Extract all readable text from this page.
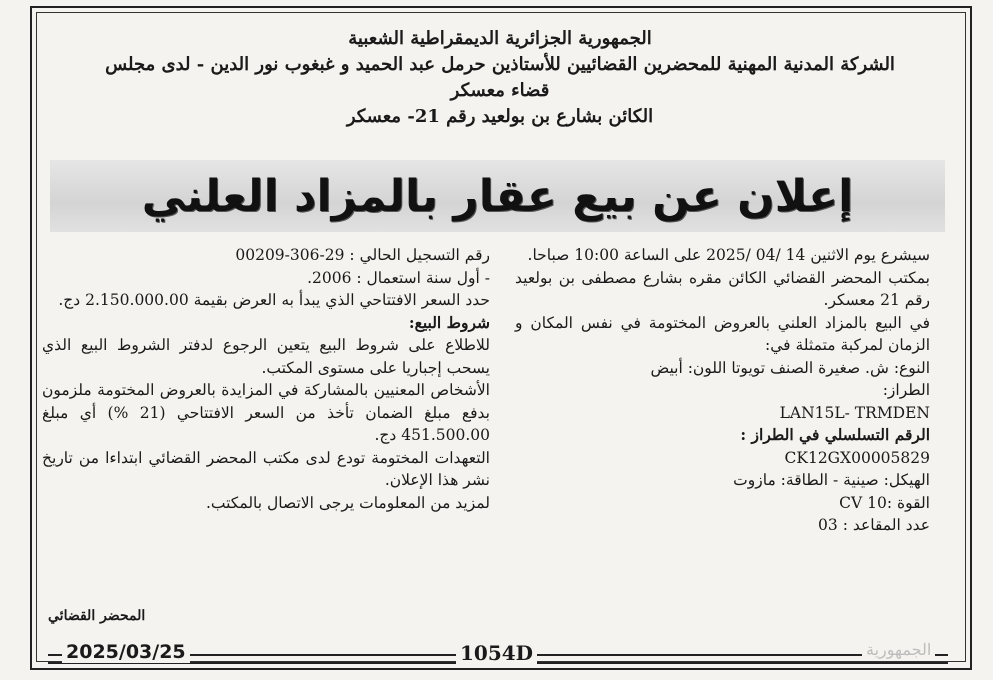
الجمهورية الجزائرية الديمقراطية الشعبية
الشركة المدنية المهنية للمحضرين القضائيين للأستاذين حرمل عبد الحميد و غبغوب نور الدين - لدى مجلس
قضاء معسكر
الكائن بشارع بن بولعيد رقم 21- معسكر
إعلان عن بيع عقار بالمزاد العلني

سيشرع يوم الاثنين 14 /04 /2025 على الساعة 10:00 صباحا.

بمكتب المحضر القضائي الكائن مقره بشارع مصطفى بن بولعيد رقم 21 معسكر.

في البيع بالمزاد العلني بالعروض المختومة في نفس المكان و الزمان لمركبة متمثلة في:

النوع: ش. صغيرة الصنف تويوتا اللون: أبيض

الطراز:

LAN15L- TRMDEN

الرقم التسلسلي في الطراز :

CK12GX00005829

الهيكل: صينية - الطاقة: مازوت

القوة :10 CV

عدد المقاعد : 03

رقم التسجيل الحالي : 29-306-00209

- أول سنة استعمال : 2006.

حدد السعر الافتتاحي الذي يبدأ به العرض بقيمة 2.150.000.00 دج.

شروط البيع:

للاطلاع على شروط البيع يتعين الرجوع لدفتر الشروط البيع الذي يسحب إجباريا على مستوى المكتب.

الأشخاص المعنيين بالمشاركة في المزايدة بالعروض المختومة ملزمون بدفع مبلغ الضمان تأخذ من السعر الافتتاحي (21 %) أي مبلغ 451.500.00 دج.

التعهدات المختومة تودع لدى مكتب المحضر القضائي ابتداءا من تاريخ نشر هذا الإعلان.

لمزيد من المعلومات يرجى الاتصال بالمكتب.

المحضر القضائي
2025/03/25	1054D	الجمهورية
